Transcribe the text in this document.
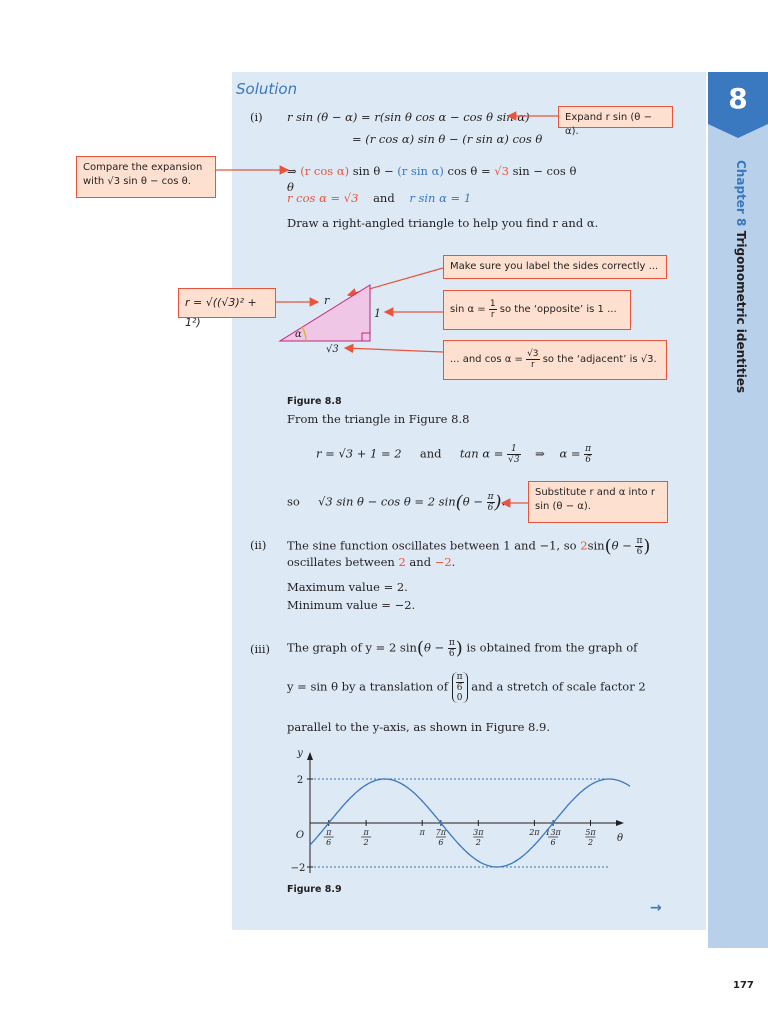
8
Chapter 8 Trigonometric identities
Solution
(i) r sin (θ − α) = r(sin θ cos α − cos θ sin α)
= (r cos α) sin θ − (r sin α) cos θ
⇒ (r cos α) sin θ − (r sin α) cos θ = √3 sin − cos θ
θ
r cos α = √3 and r sin α = 1
Draw a right-angled triangle to help you find r and α.
Expand r sin (θ − α).
Compare the expansion with √3 sin θ − cos θ.
r = √((√3)² + 1²)
Make sure you label the sides correctly ...
$\sin \alpha = \frac{1}{r}$ so the ‘opposite’ is 1 ...
... and $\cos \alpha = \frac{√3}{r}$ so the ‘adjacent’ is √3.
Substitute r and α into r sin (θ − α).
r
1
α
√3
Figure 8.8
From the triangle in Figure 8.8
r = √3 + 1 = 2 and $\tan \alpha = \frac{1}{√3}$ ⇒ $\alpha = \frac{\pi}{6}$
so √3 sin θ − cos θ = 2 $\sin(\theta - \frac{\pi}{6}$ ).
(ii) The sine function oscillates between 1 and −1, so $2\sin(\theta - \frac{\pi}{6}$ )
oscillates between 2 and −2.
Maximum value = 2.
Minimum value = −2.
(iii) The graph of y = 2 $\sin(\theta - \frac{\pi}{6}$ ) is obtained from the graph of
y = sin θ by a translation of $\frac{\pi}{6}$

0 and a stretch of scale factor 2
parallel to the y-axis, as shown in Figure 8.9.
2
−2
y
θ
O	π
6
π
2
π 7π
6
3π
2
2π 13π
6
5π
2
Figure 8.9
→
177
